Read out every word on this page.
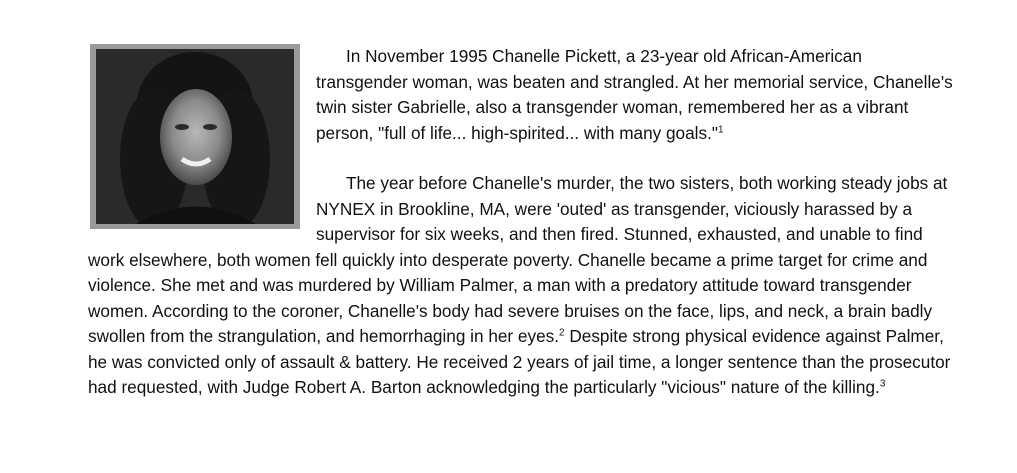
In November 1995 Chanelle Pickett, a 23-year old African-American transgender woman, was beaten and strangled. At her memorial service, Chanelle's twin sister Gabrielle, also a transgender woman, remembered her as a vibrant person, "full of life... high-spirited... with many goals."$^1$

The year before Chanelle's murder, the two sisters, both working steady jobs at NYNEX in Brookline, MA, were 'outed' as transgender, viciously harassed by a supervisor for six weeks, and then fired. Stunned, exhausted, and unable to find work elsewhere, both women fell quickly into desperate poverty. Chanelle became a prime target for crime and violence. She met and was murdered by William Palmer, a man with a predatory attitude toward transgender women. According to the coroner, Chanelle's body had severe bruises on the face, lips, and neck, a brain badly swollen from the strangulation, and hemorrhaging in her eyes.$^2$ Despite strong physical evidence against Palmer, he was convicted only of assault & battery. He received 2 years of jail time, a longer sentence than the prosecutor had requested, with Judge Robert A. Barton acknowledging the particularly "vicious" nature of the killing.$^3$
